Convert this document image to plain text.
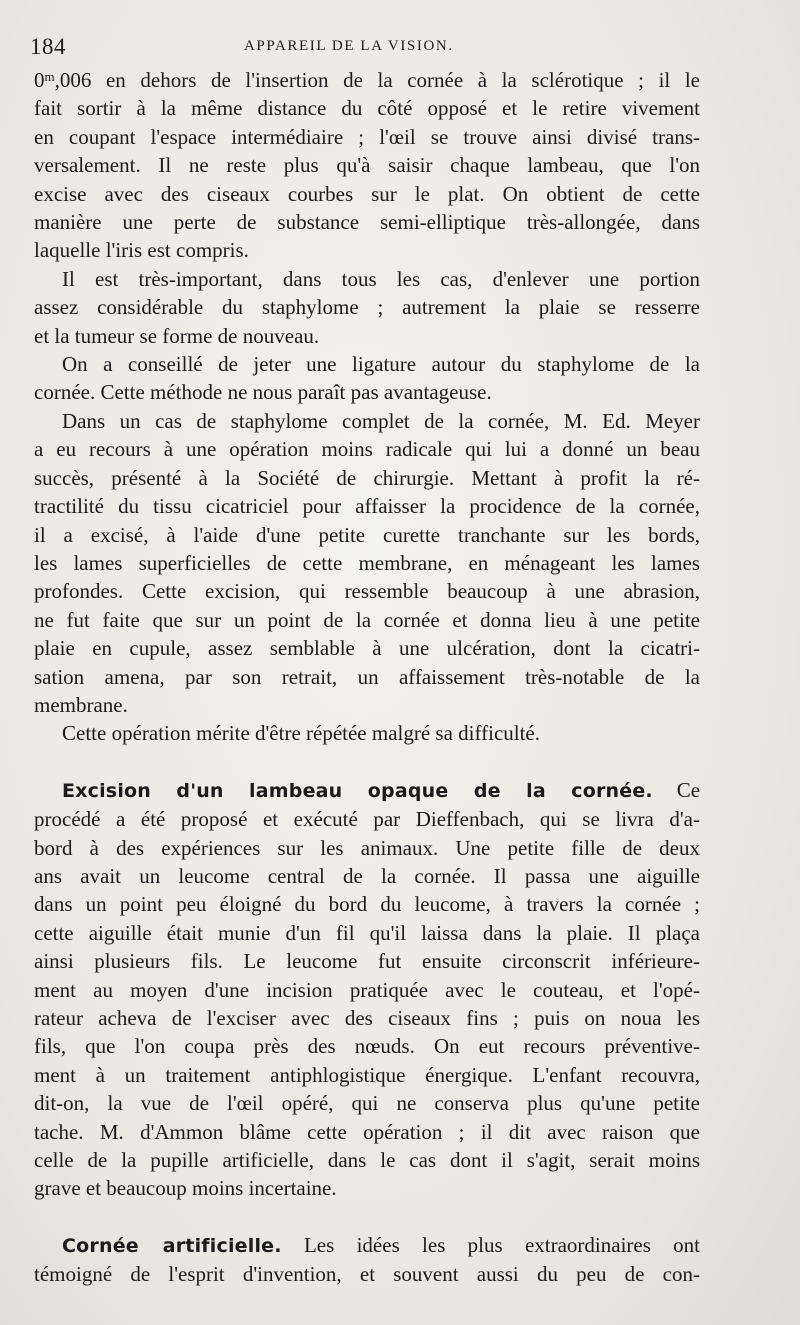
184	APPAREIL DE LA VISION.
0$^m$,006 en dehors de l'insertion de la cornée à la sclérotique ; il le
fait sortir à la même distance du côté opposé et le retire vivement
en coupant l'espace intermédiaire ; l'œil se trouve ainsi divisé trans-
versalement. Il ne reste plus qu'à saisir chaque lambeau, que l'on
excise avec des ciseaux courbes sur le plat. On obtient de cette
manière une perte de substance semi-elliptique très-allongée, dans
laquelle l'iris est compris.
Il est très-important, dans tous les cas, d'enlever une portion
assez considérable du staphylome ; autrement la plaie se resserre
et la tumeur se forme de nouveau.
On a conseillé de jeter une ligature autour du staphylome de la
cornée. Cette méthode ne nous paraît pas avantageuse.
Dans un cas de staphylome complet de la cornée, M. Ed. Meyer
a eu recours à une opération moins radicale qui lui a donné un beau
succès, présenté à la Société de chirurgie. Mettant à profit la ré-
tractilité du tissu cicatriciel pour affaisser la procidence de la cornée,
il a excisé, à l'aide d'une petite curette tranchante sur les bords,
les lames superficielles de cette membrane, en ménageant les lames
profondes. Cette excision, qui ressemble beaucoup à une abrasion,
ne fut faite que sur un point de la cornée et donna lieu à une petite
plaie en cupule, assez semblable à une ulcération, dont la cicatri-
sation amena, par son retrait, un affaissement très-notable de la
membrane.
Cette opération mérite d'être répétée malgré sa difficulté.
Excision d'un lambeau opaque de la cornée. Ce
procédé a été proposé et exécuté par Dieffenbach, qui se livra d'a-
bord à des expériences sur les animaux. Une petite fille de deux
ans avait un leucome central de la cornée. Il passa une aiguille
dans un point peu éloigné du bord du leucome, à travers la cornée ;
cette aiguille était munie d'un fil qu'il laissa dans la plaie. Il plaça
ainsi plusieurs fils. Le leucome fut ensuite circonscrit inférieure-
ment au moyen d'une incision pratiquée avec le couteau, et l'opé-
rateur acheva de l'exciser avec des ciseaux fins ; puis on noua les
fils, que l'on coupa près des nœuds. On eut recours préventive-
ment à un traitement antiphlogistique énergique. L'enfant recouvra,
dit-on, la vue de l'œil opéré, qui ne conserva plus qu'une petite
tache. M. d'Ammon blâme cette opération ; il dit avec raison que
celle de la pupille artificielle, dans le cas dont il s'agit, serait moins
grave et beaucoup moins incertaine.
Cornée artificielle. Les idées les plus extraordinaires ont
témoigné de l'esprit d'invention, et souvent aussi du peu de con-
